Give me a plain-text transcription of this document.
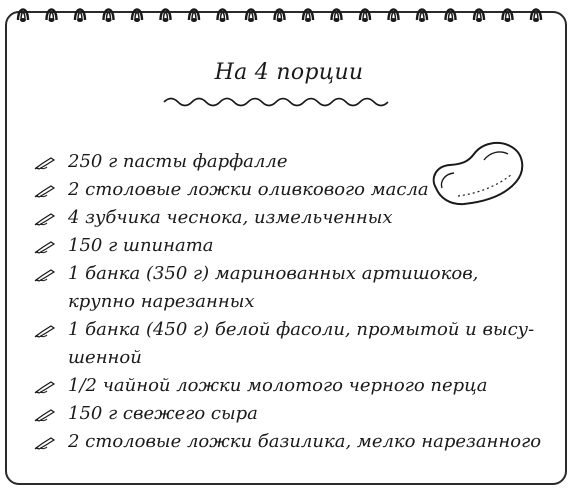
На 4 порции
250 г пасты фарфалле
2 столовые ложки оливкового масла
4 зубчика чеснока, измельченных
150 г шпината
1 банка (350 г) маринованных артишоков, крупно нарезанных
1 банка (450 г) белой фасоли, промытой и высу-шенной
1/2 чайной ложки молотого черного перца
150 г свежего сыра
2 столовые ложки базилика, мелко нарезанного
